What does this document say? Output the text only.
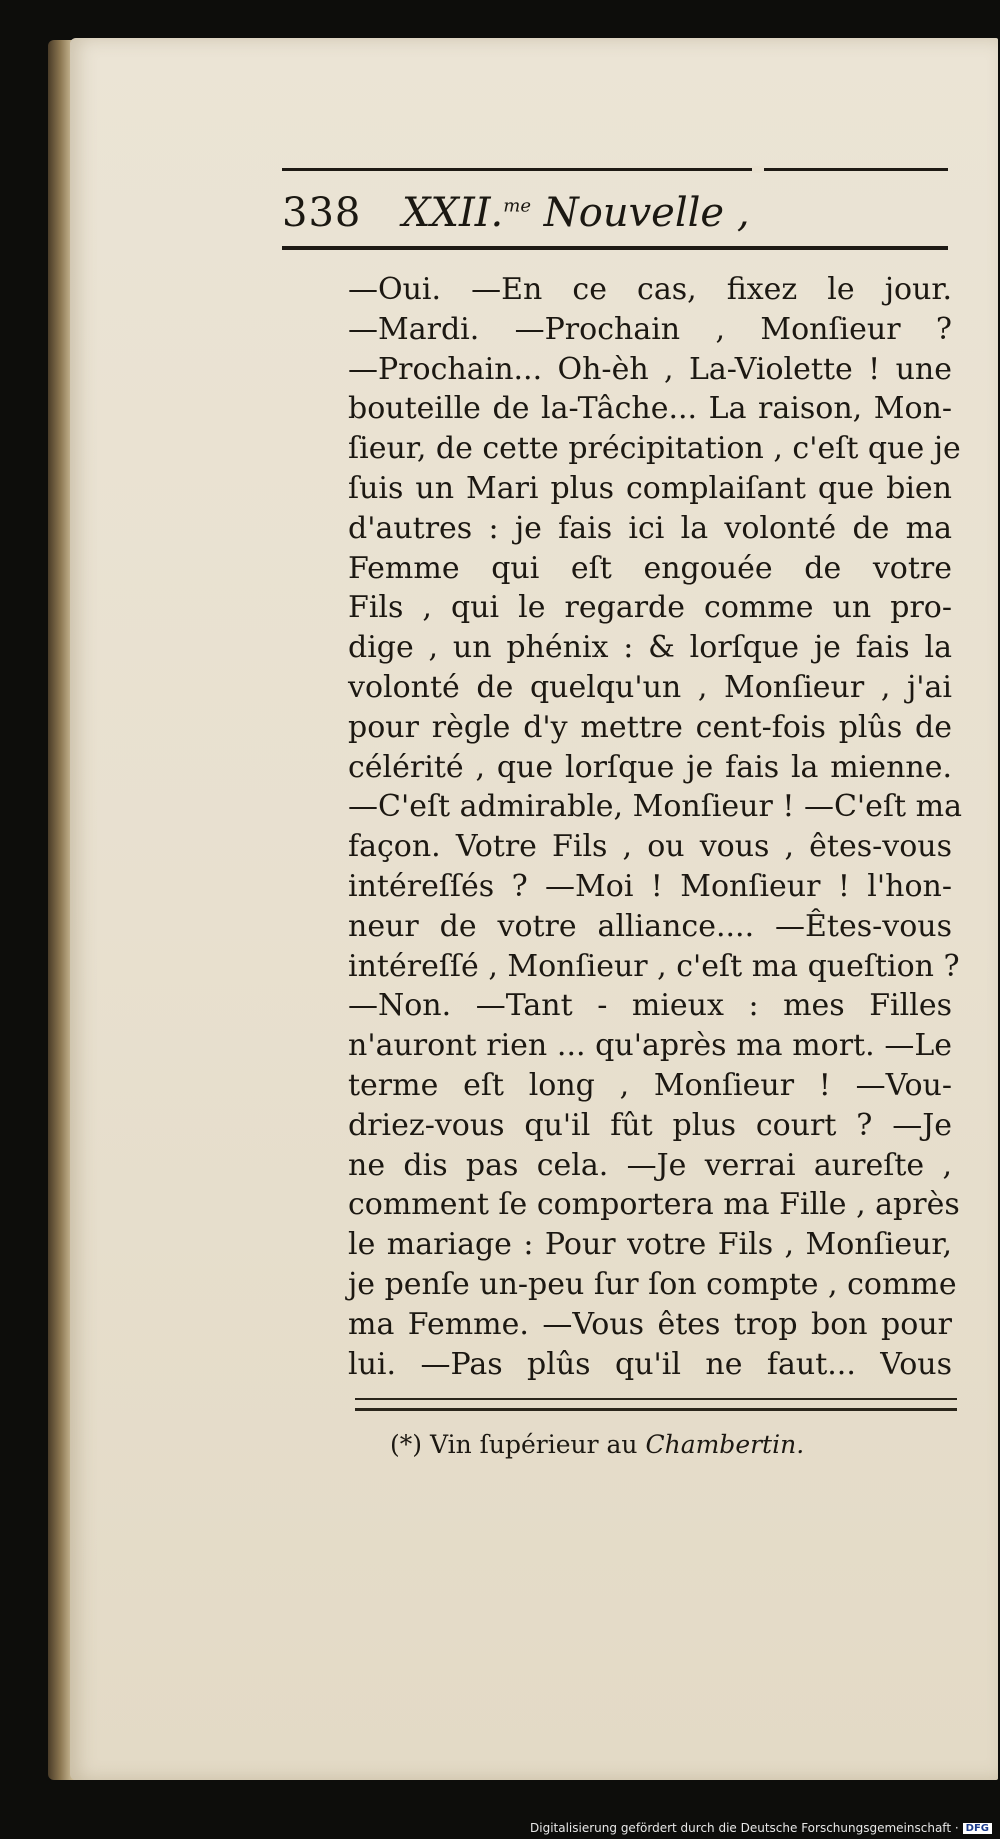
338 XXII.$^{me}$ Nouvelle ,
—Oui. —En ce cas, fixez le jour.
—Mardi. —Prochain , Monſieur ?
—Prochain... Oh-èh , La-Violette ! une
bouteille de la-Tâche... La raison, Mon-
ſieur, de cette précipitation , c'eſt que je
ſuis un Mari plus complaiſant que bien
d'autres : je fais ici la volonté de ma
Femme qui eſt engouée de votre
Fils , qui le regarde comme un pro-
dige , un phénix : & lorſque je fais la
volonté de quelqu'un , Monſieur , j'ai
pour règle d'y mettre cent-fois plûs de
célérité , que lorſque je fais la mienne.
—C'eſt admirable, Monſieur ! —C'eſt ma
façon. Votre Fils , ou vous , êtes-vous
intéreſſés ? —Moi ! Monſieur ! l'hon-
neur de votre alliance.... —Êtes-vous
intéreſſé , Monſieur , c'eſt ma queſtion ?
—Non. —Tant - mieux : mes Filles
n'auront rien ... qu'après ma mort. —Le
terme eſt long , Monſieur ! —Vou-
driez-vous qu'il fût plus court ? —Je
ne dis pas cela. —Je verrai aureſte ,
comment ſe comportera ma Fille , après
le mariage : Pour votre Fils , Monſieur,
je penſe un-peu ſur ſon compte , comme
ma Femme. —Vous êtes trop bon pour
lui. —Pas plûs qu'il ne faut... Vous
(*) Vin ſupérieur au Chambertin.
Digitalisierung gefördert durch die Deutsche Forschungsgemeinschaft · DFG
